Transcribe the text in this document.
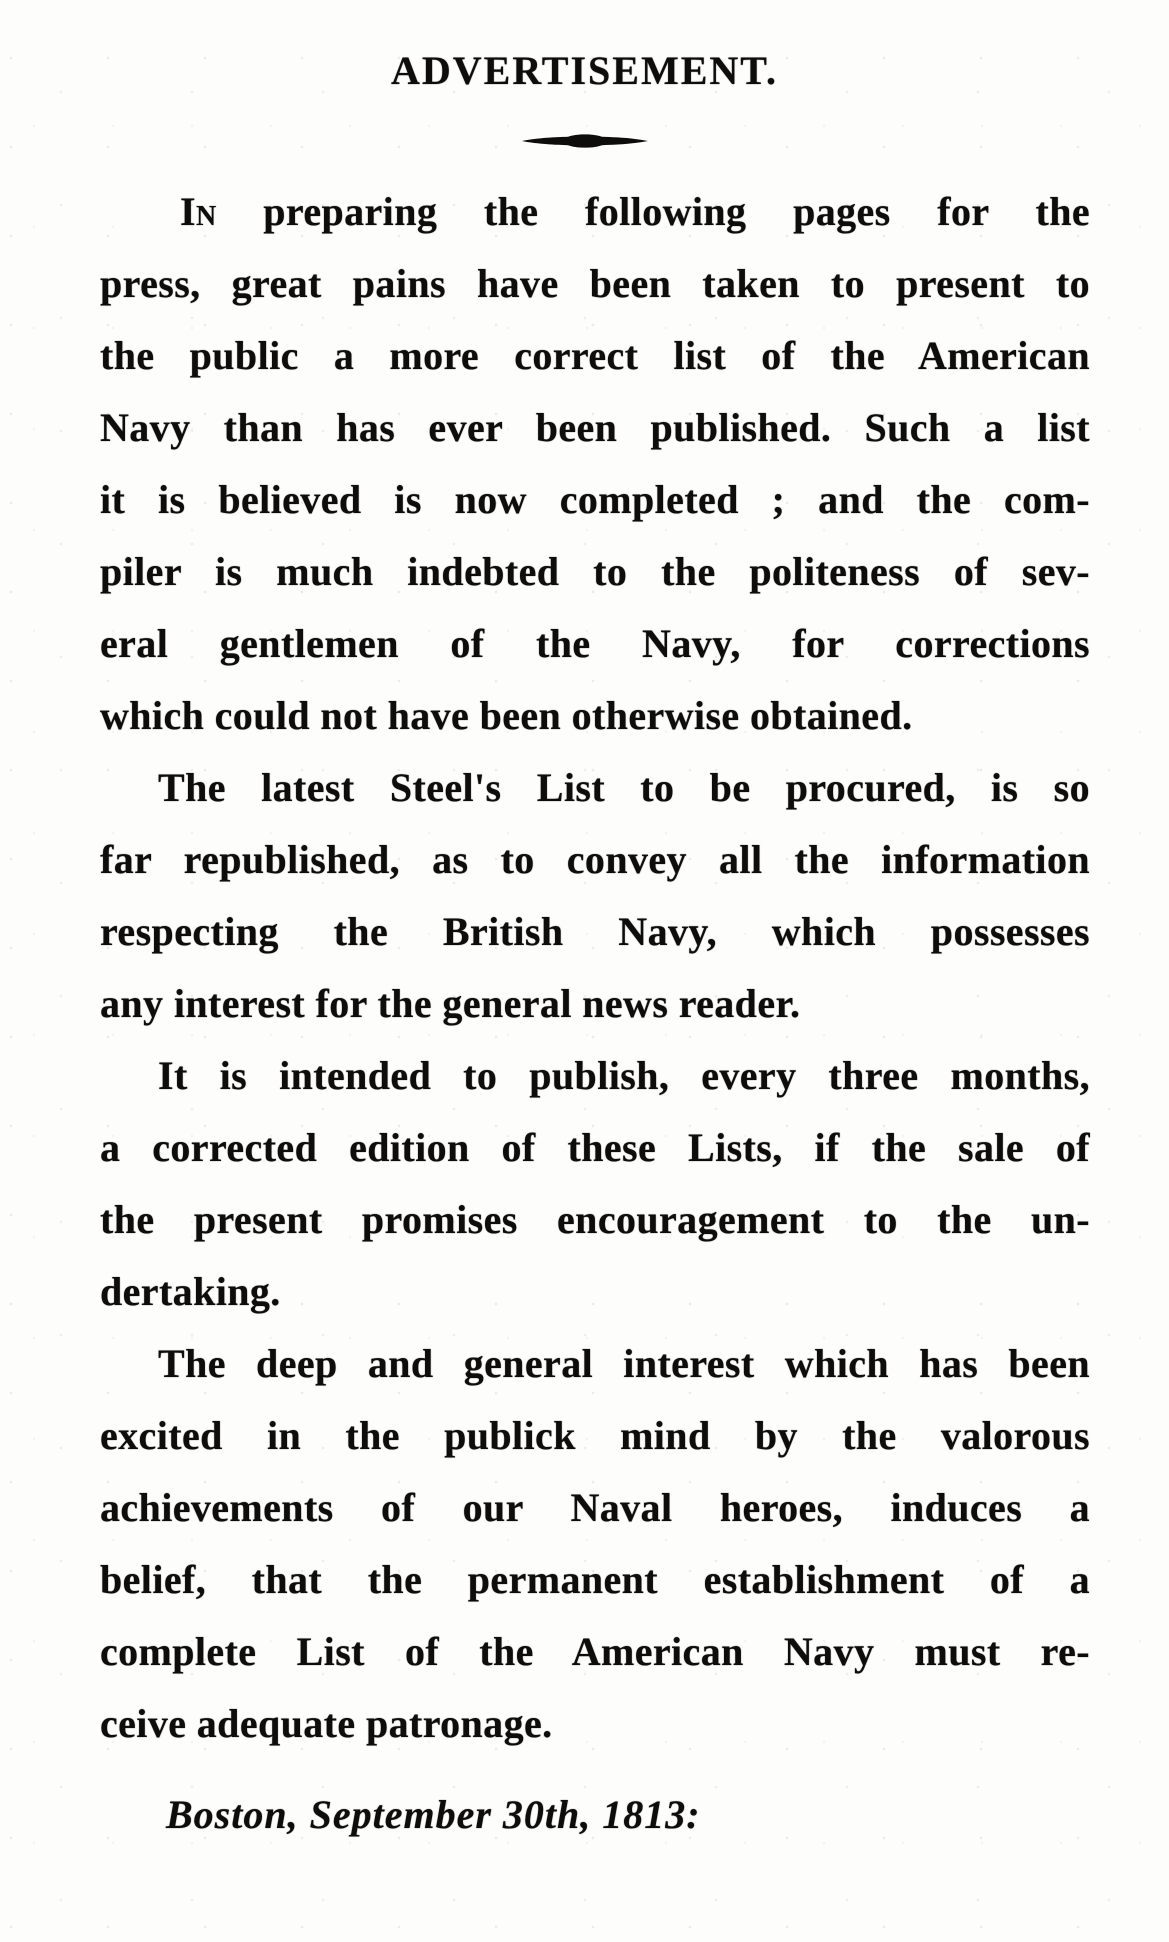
ADVERTISEMENT.
In preparing the following pages for the
press, great pains have been taken to present to
the public a more correct list of the American
Navy than has ever been published. Such a list
it is believed is now completed ; and the com-
piler is much indebted to the politeness of sev-
eral gentlemen of the Navy, for corrections
which could not have been otherwise obtained.
The latest Steel's List to be procured, is so
far republished, as to convey all the information
respecting the British Navy, which possesses
any interest for the general news reader.
It is intended to publish, every three months,
a corrected edition of these Lists, if the sale of
the present promises encouragement to the un-
dertaking.
The deep and general interest which has been
excited in the publick mind by the valorous
achievements of our Naval heroes, induces a
belief, that the permanent establishment of a
complete List of the American Navy must re-
ceive adequate patronage.
Boston, September 30th, 1813:
